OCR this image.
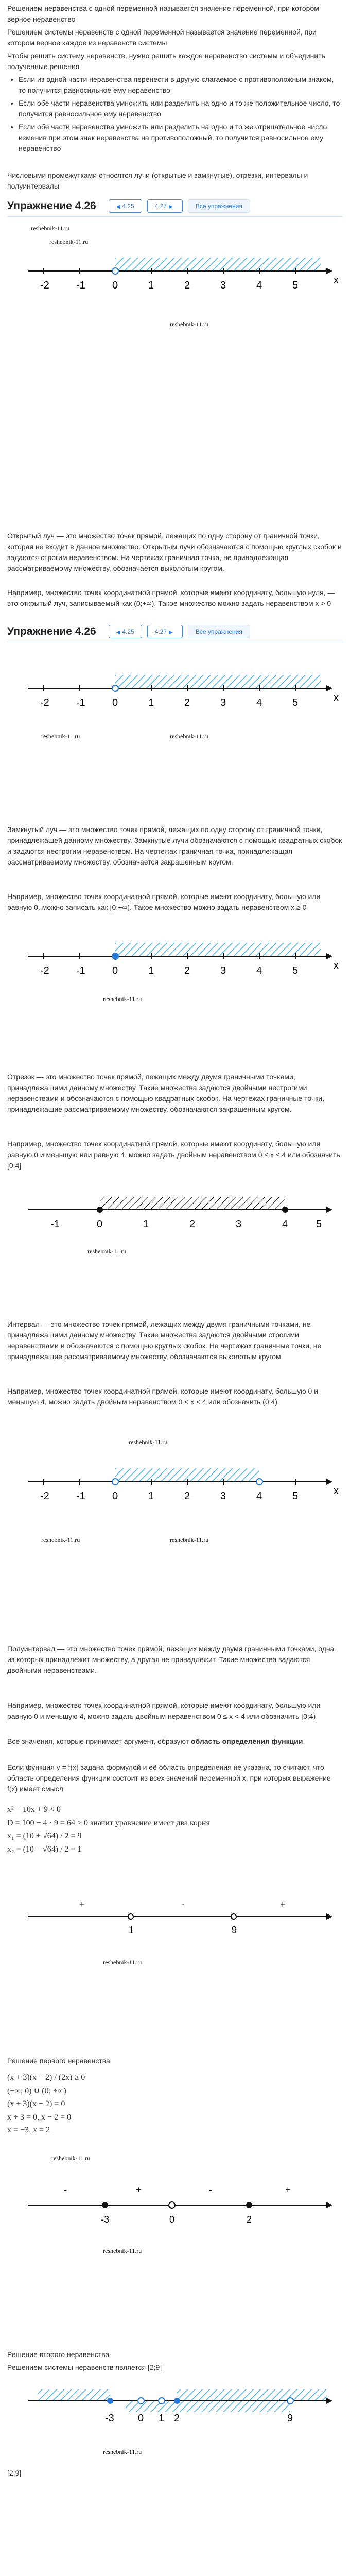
Решением неравенства с одной переменной называется значение переменной, при котором верное неравенство

Решением системы неравенств с одной переменной называется значение переменной, при котором верное каждое из неравенств системы

Чтобы решить систему неравенств, нужно решить каждое неравенство системы и объединить полученные решения

• Если из одной части неравенства перенести в другую слагаемое с противоположным знаком, то получится равносильное ему неравенство
• Если обе части неравенства умножить или разделить на одно и то же положительное число, то получится равносильное ему неравенство
• Если обе части неравенства умножить или разделить на одно и то же отрицательное число, изменив при этом знак неравенства на противоположный, то получится равносильное ему неравенство

Числовыми промежутками относятся лучи (открытые и замкнутые), отрезки, интервалы и полуинтервалы

Упражнение 4.26	◀ 4.25	4.27 ▶	Все упражнения
-2	-1	0	1	2	3	4	5	x
reshebnik-11.ru
reshebnik-11.ru
reshebnik-11.ru

Открытый луч — это множество точек прямой, лежащих по одну сторону от граничной точки, которая не входит в данное множество. Открытым лучи обозначаются с помощью круглых скобок и задаются строгим неравенством. На чертежах граничная точка, не принадлежащая рассматриваемому множеству, обозначается выколотым кругом.

Например, множество точек координатной прямой, которые имеют координату, большую нуля, — это открытый луч, записываемый как (0;+∞). Такое множество можно задать неравенством x > 0

Упражнение 4.26	◀ 4.25	4.27 ▶	Все упражнения
-2	-1	0	1	2	3	4	5	x
reshebnik-11.ru	reshebnik-11.ru

Замкнутый луч — это множество точек прямой, лежащих по одну сторону от граничной точки, принадлежащей данному множеству. Замкнутые лучи обозначаются с помощью квадратных скобок и задаются нестрогим неравенством. На чертежах граничная точка, принадлежащая рассматриваемому множеству, обозначается закрашенным кругом.

Например, множество точек координатной прямой, которые имеют координату, большую или равную 0, можно записать как [0;+∞). Такое множество можно задать неравенством x ≥ 0

-2	-1	0	1	2	3	4	5	x
reshebnik-11.ru

Отрезок — это множество точек прямой, лежащих между двумя граничными точками, принадлежащими данному множеству. Такие множества задаются двойными нестрогими неравенствами и обозначаются с помощью квадратных скобок. На чертежах граничные точки, принадлежащие рассматриваемому множеству, обозначаются закрашенным кругом.

Например, множество точек координатной прямой, которые имеют координату, большую или равную 0 и меньшую или равную 4, можно задать двойным неравенством 0 ≤ x ≤ 4 или обозначить [0;4]

-1	0	1	2	3	4	5
reshebnik-11.ru

Интервал — это множество точек прямой, лежащих между двумя граничными точками, не принадлежащими данному множеству. Такие множества задаются двойными строгими неравенствами и обозначаются с помощью круглых скобок. На чертежах граничные точки, не принадлежащие рассматриваемому множеству, обозначаются выколотым кругом.

Например, множество точек координатной прямой, которые имеют координату, большую 0 и меньшую 4, можно задать двойным неравенством 0 < x < 4 или обозначить (0;4)

reshebnik-11.ru
-2	-1	0	1	2	3	4	5	x
reshebnik-11.ru	reshebnik-11.ru

Полуинтервал — это множество точек прямой, лежащих между двумя граничными точками, одна из которых принадлежит множеству, а другая не принадлежит. Такие множества задаются двойными неравенствами.

Например, множество точек координатной прямой, которые имеют координату, большую или равную 0 и меньшую 4, можно задать двойным неравенством 0 ≤ x < 4 или обозначить [0;4)

Все значения, которые принимает аргумент, образуют область определения функции.

Если функция y = f(x) задана формулой и её область определения не указана, то считают, что область определения функции состоит из всех значений переменной x, при которых выражение f(x) имеет смысл

x² − 10x + 9 < 0
D = 100 − 4 · 9 = 64 > 0 значит уравнение имеет два корня
x₁ = (10 + √64) / 2 = 9
x₂ = (10 − √64) / 2 = 1
1	9
+	-	+
reshebnik-11.ru

Решение первого неравенства

(x + 3)(x − 2) / (2x) ≥ 0
(−∞; 0) ∪ (0; +∞)
(x + 3)(x − 2) = 0
x + 3 = 0, x − 2 = 0
x = −3, x = 2
reshebnik-11.ru
-3	0	2
-	+	-	+
reshebnik-11.ru

Решение второго неравенства

Решением системы неравенств является [2;9]

-3 0 1 2	9
reshebnik-11.ru

[2;9]
